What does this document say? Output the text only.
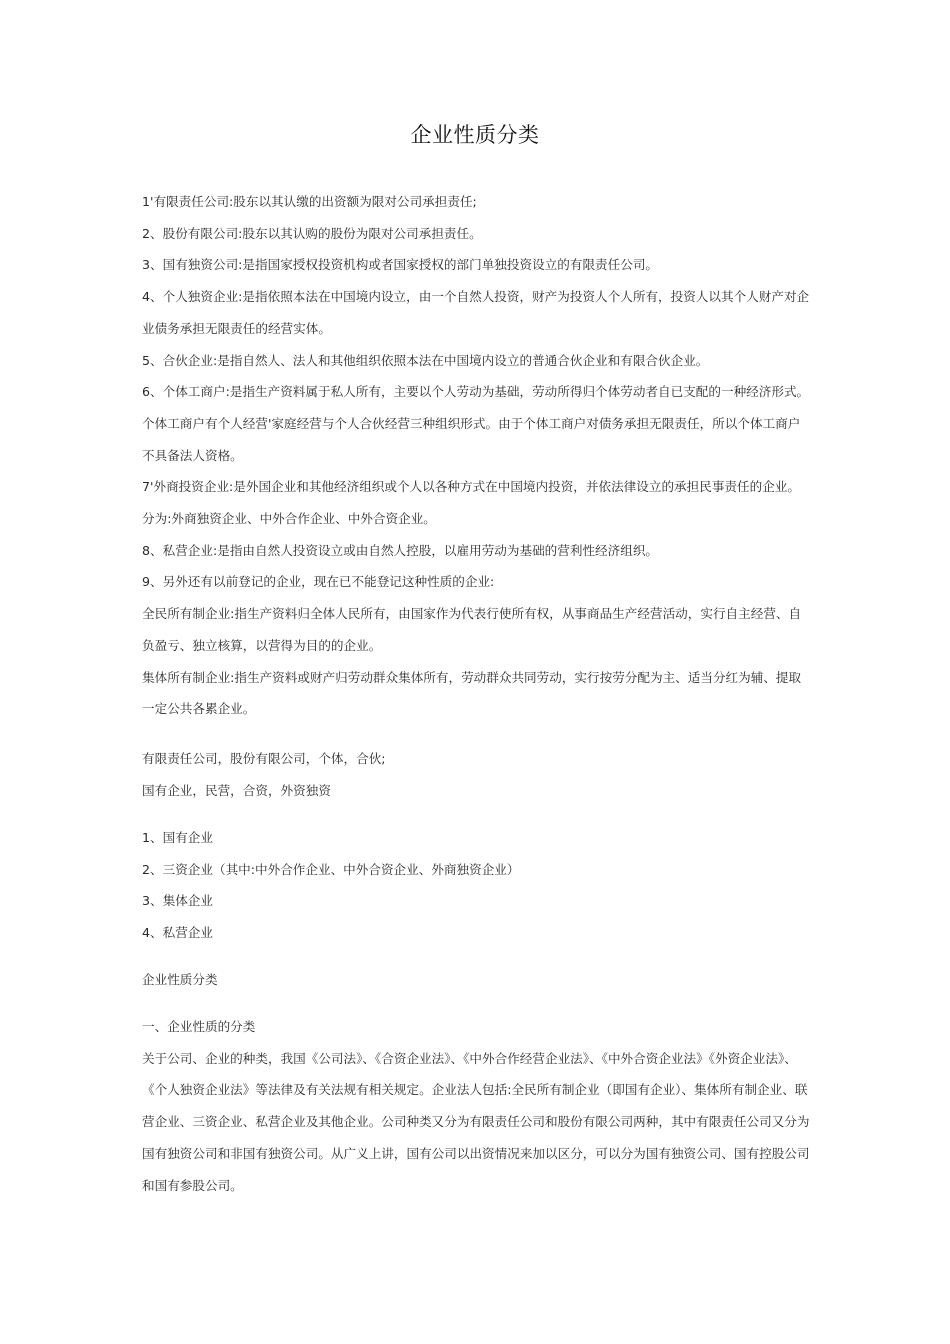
企业性质分类

1'有限责任公司:股东以其认缴的出资额为限对公司承担责任;

2、股份有限公司:股东以其认购的股份为限对公司承担责任。

3、国有独资公司:是指国家授权投资机构或者国家授权的部门单独投资设立的有限责任公司。

4、个人独资企业:是指依照本法在中国境内设立，由一个自然人投资，财产为投资人个人所有，投资人以其个人财产对企业债务承担无限责任的经营实体。

5、合伙企业:是指自然人、法人和其他组织依照本法在中国境内设立的普通合伙企业和有限合伙企业。

6、个体工商户:是指生产资料属于私人所有，主要以个人劳动为基础，劳动所得归个体劳动者自已支配的一种经济形式。个体工商户有个人经营'家庭经营与个人合伙经营三种组织形式。由于个体工商户对债务承担无限责任，所以个体工商户不具备法人资格。

7'外商投资企业:是外国企业和其他经济组织或个人以各种方式在中国境内投资，并依法律设立的承担民事责任的企业。分为:外商独资企业、中外合作企业、中外合资企业。

8、私营企业:是指由自然人投资设立或由自然人控股，以雇用劳动为基础的营利性经济组织。

9、另外还有以前登记的企业，现在已不能登记这种性质的企业:

全民所有制企业:指生产资料归全体人民所有，由国家作为代表行使所有权，从事商品生产经营活动，实行自主经营、自负盈亏、独立核算，以营得为目的的企业。

集体所有制企业:指生产资料或财产归劳动群众集体所有，劳动群众共同劳动，实行按劳分配为主、适当分红为辅、提取一定公共各累企业。

有限责任公司，股份有限公司，个体，合伙;

国有企业，民营，合资，外资独资

1、国有企业

2、三资企业（其中:中外合作企业、中外合资企业、外商独资企业）

3、集体企业

4、私营企业

企业性质分类

一、企业性质的分类

关于公司、企业的种类，我国《公司法》、《合资企业法》、《中外合作经营企业法》、《中外合资企业法》《外资企业法》、《个人独资企业法》等法律及有关法规有相关规定。企业法人包括:全民所有制企业（即国有企业）、集体所有制企业、联营企业、三资企业、私营企业及其他企业。公司种类又分为有限责任公司和股份有限公司两种，其中有限责任公司又分为国有独资公司和非国有独资公司。从广义上讲，国有公司以出资情况来加以区分，可以分为国有独资公司、国有控股公司和国有参股公司。
